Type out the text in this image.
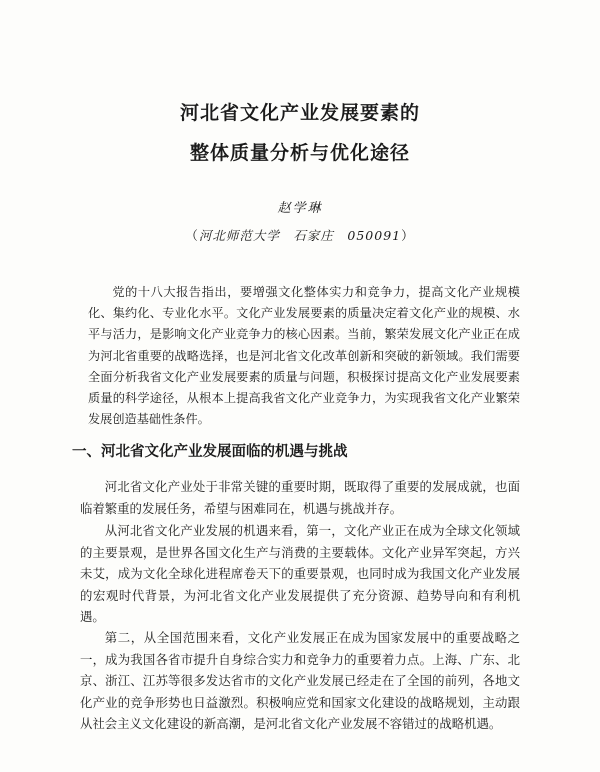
河北省文化产业发展要素的
整体质量分析与优化途径
赵学琳
（河北师范大学　石家庄　050091）

党的十八大报告指出，要增强文化整体实力和竞争力，提高文化产业规模化、集约化、专业化水平。文化产业发展要素的质量决定着文化产业的规模、水平与活力，是影响文化产业竞争力的核心因素。当前，繁荣发展文化产业正在成为河北省重要的战略选择，也是河北省文化改革创新和突破的新领域。我们需要全面分析我省文化产业发展要素的质量与问题，积极探讨提高文化产业发展要素质量的科学途径，从根本上提高我省文化产业竞争力，为实现我省文化产业繁荣发展创造基础性条件。

一、河北省文化产业发展面临的机遇与挑战

河北省文化产业处于非常关键的重要时期，既取得了重要的发展成就，也面临着繁重的发展任务，希望与困难同在，机遇与挑战并存。

从河北省文化产业发展的机遇来看，第一，文化产业正在成为全球文化领域的主要景观，是世界各国文化生产与消费的主要载体。文化产业异军突起，方兴未艾，成为文化全球化进程席卷天下的重要景观，也同时成为我国文化产业发展的宏观时代背景，为河北省文化产业发展提供了充分资源、趋势导向和有利机遇。

第二，从全国范围来看，文化产业发展正在成为国家发展中的重要战略之一，成为我国各省市提升自身综合实力和竞争力的重要着力点。上海、广东、北京、浙江、江苏等很多发达省市的文化产业发展已经走在了全国的前列，各地文化产业的竞争形势也日益激烈。积极响应党和国家文化建设的战略规划，主动跟从社会主义文化建设的新高潮，是河北省文化产业发展不容错过的战略机遇。
